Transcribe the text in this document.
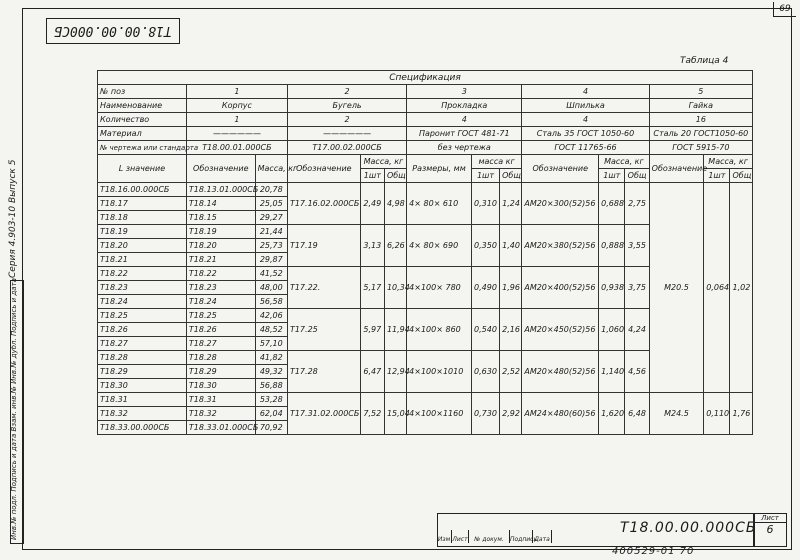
Т18.00.00.000СБ
69
Таблица 4
Серия 4.903-10 Выпуск 5
Инв.№ подл. Подпись и дата Взам. инв.№ Инв.№ дубл. Подпись и дата
Спецификация														
№ поз	1		2			3			4			5		
Наименование	Корпус		Бугель			Прокладка			Шпилька			Гайка		
Количество	1		2			4			4			16		
Материал	——————		——————			Паронит ГОСТ 481-71			Сталь 35 ГОСТ 1050-60			Сталь 20 ГОСТ1050-60		
№ чертежа или стандарта	Т18.00.01.000СБ		Т17.00.02.000СБ			без чертежа			ГОСТ 11765-66			ГОСТ 5915-70		
L значение	Обозначение	Масса, кг	Обозначение	Масса, кг		Размеры, мм	масса кг		Обозначение	Масса, кг		Обозначение	Масса, кг	
				1шт	Общ		1шт	Общ		1шт	Общ		1шт	Общ
Т18.16.00.000СБ	Т18.13.01.000СБ	20,78	Т17.16.02.000СБ	2,49	4,98	4× 80× 610	0,310	1,24	АМ20×300(52)56	0,688	2,75	М20.5	0,064	1,02
Т18.17	Т18.14	25,05												
Т18.18	Т18.15	29,27												
Т18.19	Т18.19	21,44	Т17.19	3,13	6,26	4× 80× 690	0,350	1,40	АМ20×380(52)56	0,888	3,55			
Т18.20	Т18.20	25,73												
Т18.21	Т18.21	29,87												
Т18.22	Т18.22	41,52	Т17.22.	5,17	10,34	4×100× 780	0,490	1,96	АМ20×400(52)56	0,938	3,75			
Т18.23	Т18.23	48,00												
Т18.24	Т18.24	56,58												
Т18.25	Т18.25	42,06	Т17.25	5,97	11,94	4×100× 860	0,540	2,16	АМ20×450(52)56	1,060	4,24			
Т18.26	Т18.26	48,52												
Т18.27	Т18.27	57,10												
Т18.28	Т18.28	41,82	Т17.28	6,47	12,94	4×100×1010	0,630	2,52	АМ20×480(52)56	1,140	4,56			
Т18.29	Т18.29	49,32												
Т18.30	Т18.30	56,88												
Т18.31	Т18.31	53,28	Т17.31.02.000СБ	7,52	15,04	4×100×1160	0,730	2,92	АМ24×480(60)56	1,620	6,48	М24.5	0,110	1,76
Т18.32	Т18.32	62,04												
Т18.33.00.000СБ	Т18.33.01.000СБ	70,92												
Изм Лист	№ докум.	Подпись
Дата
Т18.00.00.000СБ
Лист
6
400529-01 70
